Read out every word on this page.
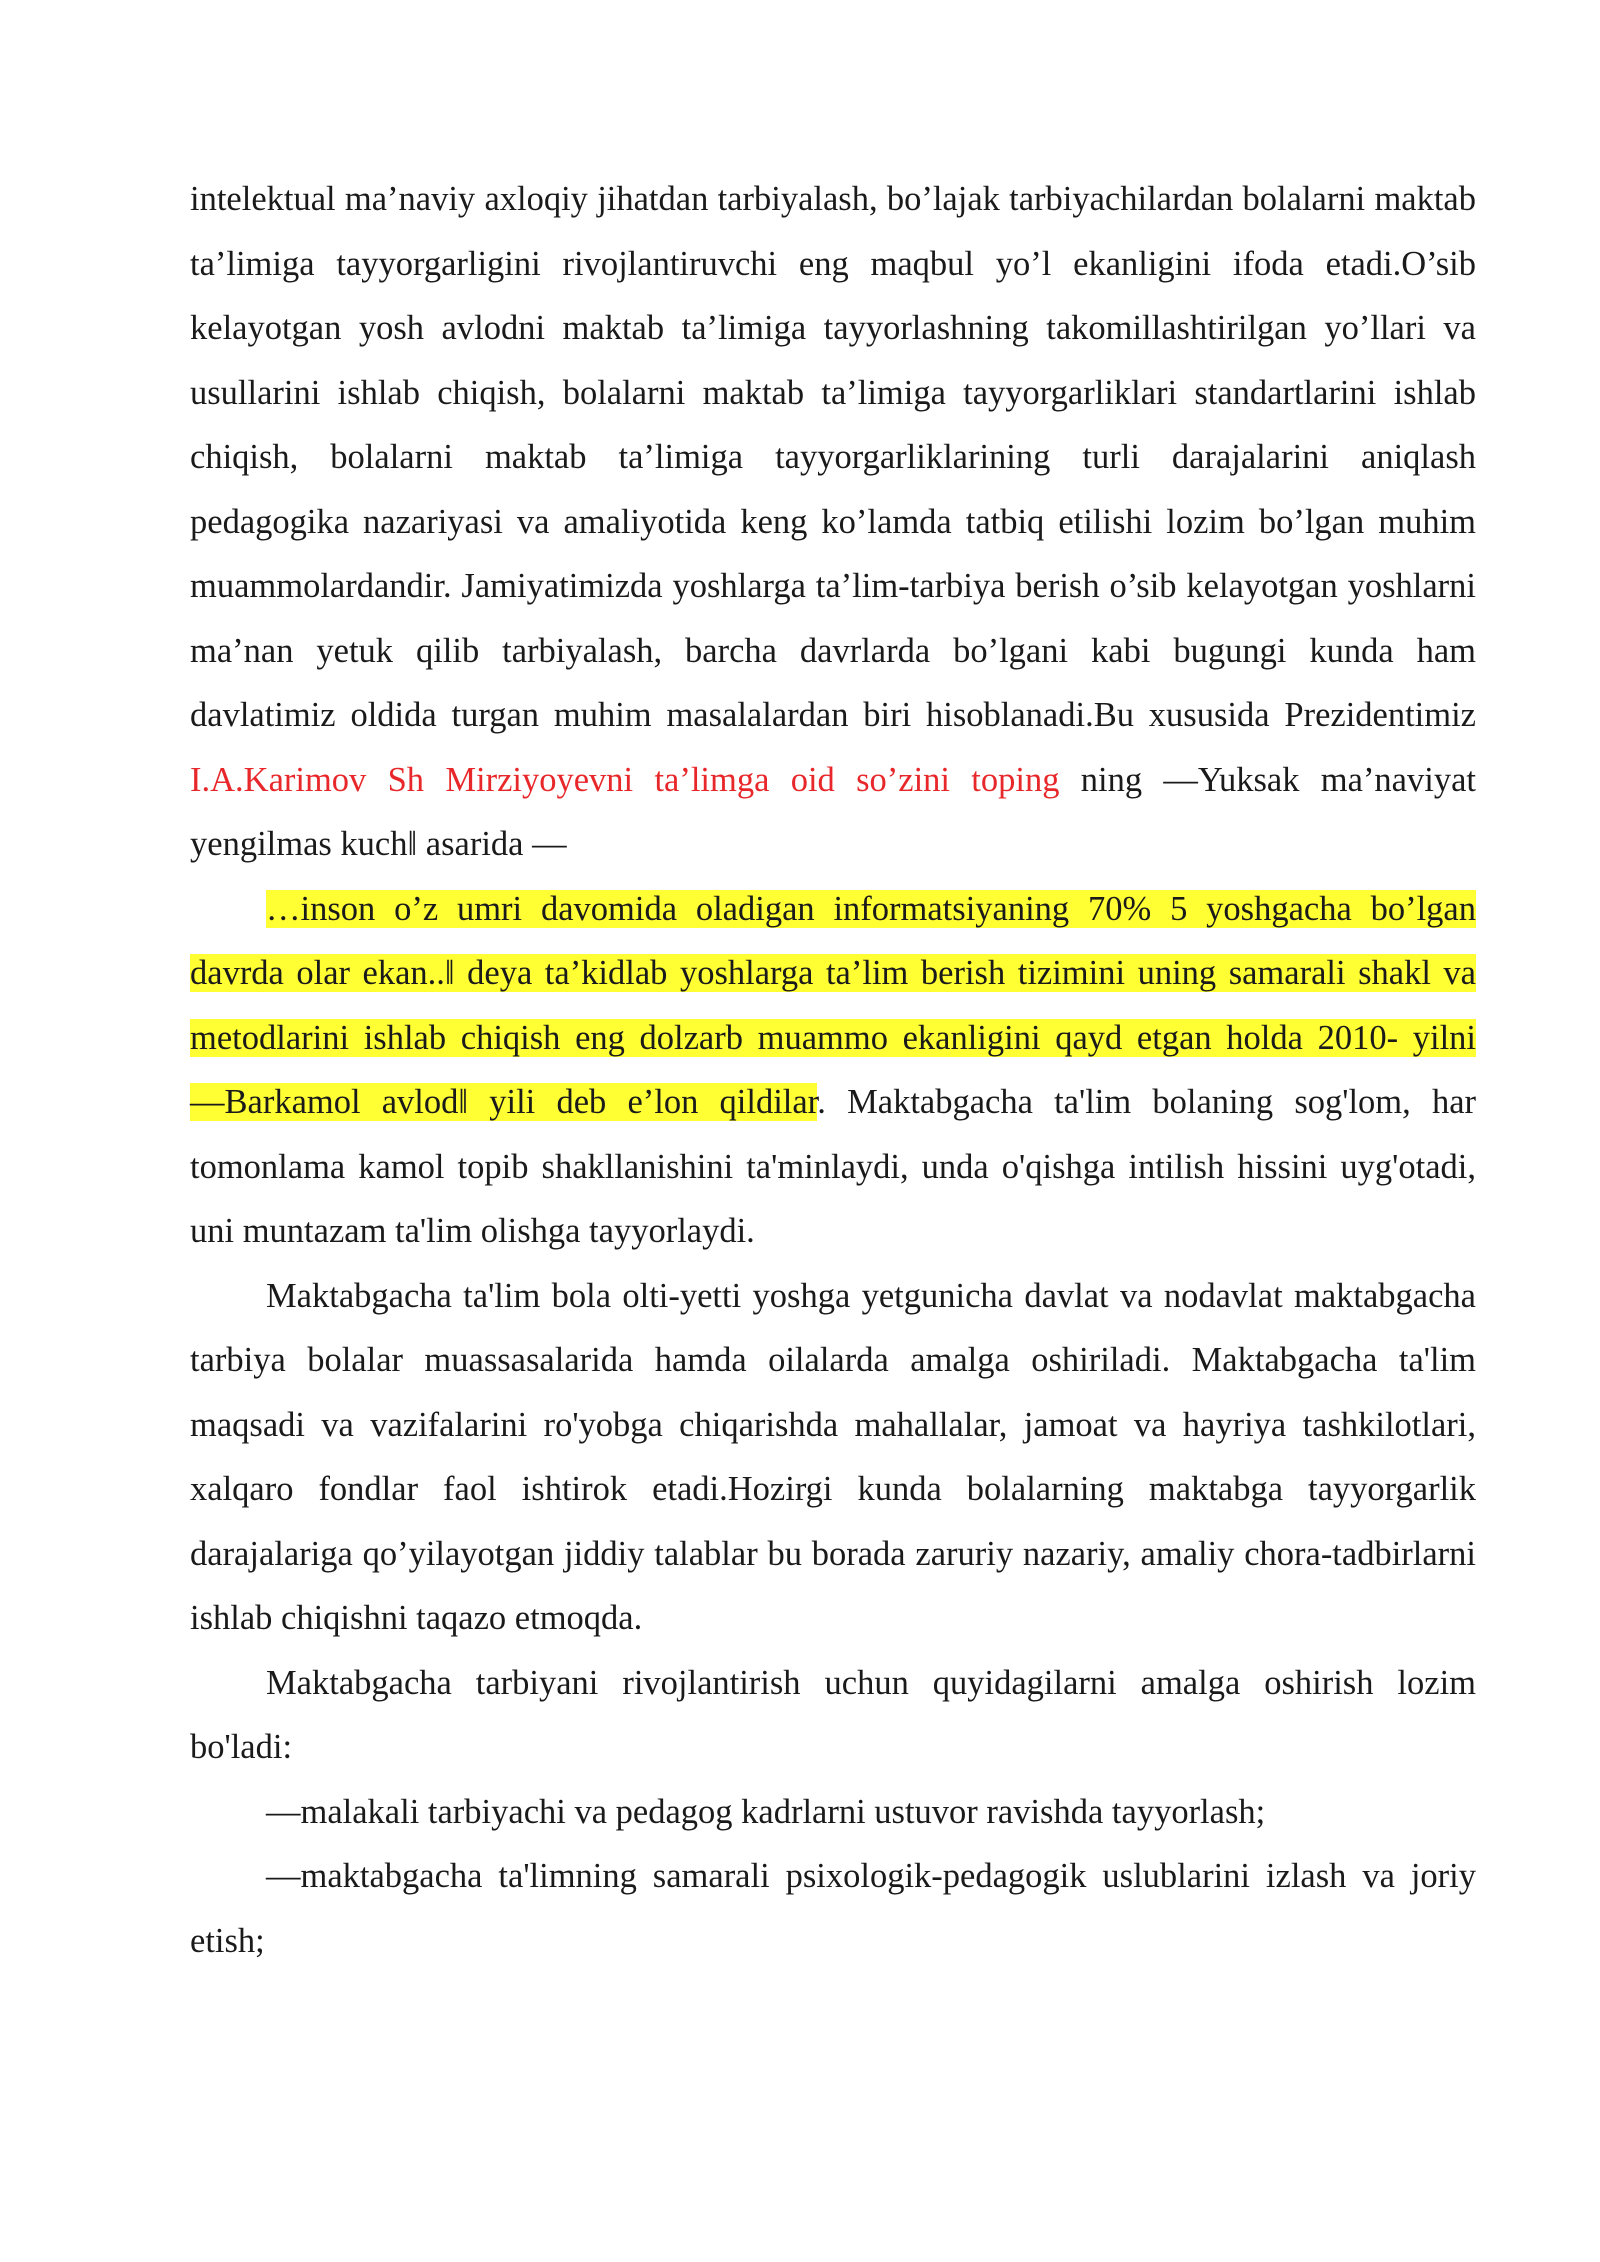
intelektual ma’naviy axloqiy jihatdan tarbiyalash, bo’lajak tarbiyachilardan bolalarni maktab ta’limiga tayyorgarligini rivojlantiruvchi eng maqbul yo’l ekanligini ifoda etadi.O’sib kelayotgan yosh avlodni maktab ta’limiga tayyorlashning takomillashtirilgan yo’llari va usullarini ishlab chiqish, bolalarni maktab ta’limiga tayyorgarliklari standartlarini ishlab chiqish, bolalarni maktab ta’limiga tayyorgarliklarining turli darajalarini aniqlash pedagogika nazariyasi va amaliyotida keng ko’lamda tatbiq etilishi lozim bo’lgan muhim muammolardandir. Jamiyatimizda yoshlarga ta’lim-tarbiya berish o’sib kelayotgan yoshlarni ma’nan yetuk qilib tarbiyalash, barcha davrlarda bo’lgani kabi bugungi kunda ham davlatimiz oldida turgan muhim masalalardan biri hisoblanadi.Bu xususida Prezidentimiz I.A.Karimov Sh Mirziyoyevni ta’limga oid so’zini toping ning ―Yuksak ma’naviyat yengilmas kuch‖ asarida ―

…inson o’z umri davomida oladigan informatsiyaning 70% 5 yoshgacha bo’lgan davrda olar ekan..‖ deya ta’kidlab yoshlarga ta’lim berish tizimini uning samarali shakl va metodlarini ishlab chiqish eng dolzarb muammo ekanligini qayd etgan holda 2010- yilni ―Barkamol avlod‖ yili deb e’lon qildilar. Maktabgacha ta'lim bolaning sog'lom, har tomonlama kamol topib shakllanishini ta'minlaydi, unda o'qishga intilish hissini uyg'otadi, uni muntazam ta'lim olishga tayyorlaydi.

Maktabgacha ta'lim bola olti-yetti yoshga yetgunicha davlat va nodavlat maktabgacha tarbiya bolalar muassasalarida hamda oilalarda amalga oshiriladi. Maktabgacha ta'lim maqsadi va vazifalarini ro'yobga chiqarishda mahallalar, jamoat va hayriya tashkilotlari, xalqaro fondlar faol ishtirok etadi.Hozirgi kunda bolalarning maktabga tayyorgarlik darajalariga qo’yilayotgan jiddiy talablar bu borada zaruriy nazariy, amaliy chora-tadbirlarni ishlab chiqishni taqazo etmoqda.

Maktabgacha tarbiyani rivojlantirish uchun quyidagilarni amalga oshirish lozim bo'ladi:

―malakali tarbiyachi va pedagog kadrlarni ustuvor ravishda tayyorlash;

―maktabgacha ta'limning samarali psixologik-pedagogik uslublarini izlash va joriy etish;
